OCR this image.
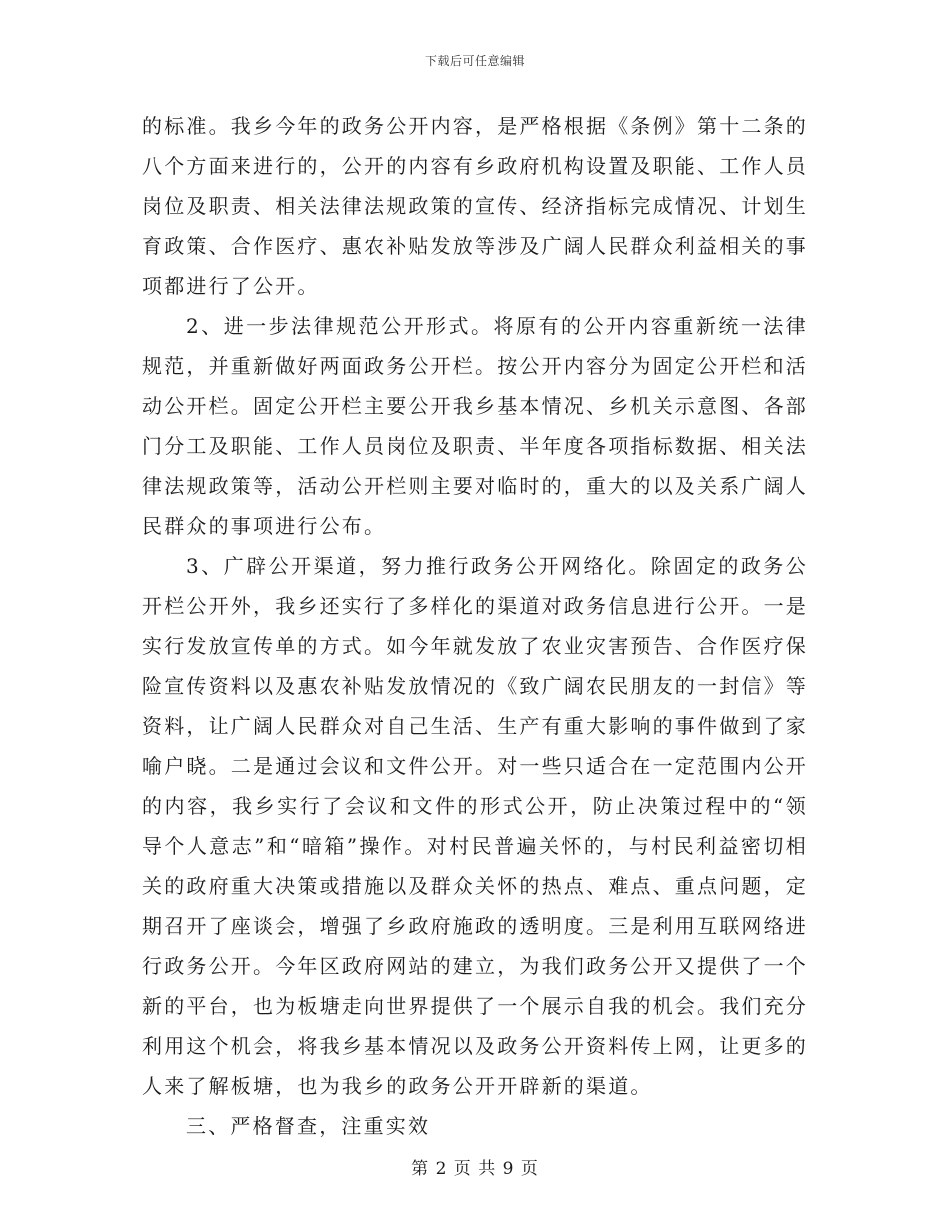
下载后可任意编辑

的标准。我乡今年的政务公开内容，是严格根据《条例》第十二条的八个方面来进行的，公开的内容有乡政府机构设置及职能、工作人员岗位及职责、相关法律法规政策的宣传、经济指标完成情况、计划生育政策、合作医疗、惠农补贴发放等涉及广阔人民群众利益相关的事项都进行了公开。

2、进一步法律规范公开形式。将原有的公开内容重新统一法律规范，并重新做好两面政务公开栏。按公开内容分为固定公开栏和活动公开栏。固定公开栏主要公开我乡基本情况、乡机关示意图、各部门分工及职能、工作人员岗位及职责、半年度各项指标数据、相关法律法规政策等，活动公开栏则主要对临时的，重大的以及关系广阔人民群众的事项进行公布。

3、广辟公开渠道，努力推行政务公开网络化。除固定的政务公开栏公开外，我乡还实行了多样化的渠道对政务信息进行公开。一是实行发放宣传单的方式。如今年就发放了农业灾害预告、合作医疗保险宣传资料以及惠农补贴发放情况的《致广阔农民朋友的一封信》等资料，让广阔人民群众对自己生活、生产有重大影响的事件做到了家喻户晓。二是通过会议和文件公开。对一些只适合在一定范围内公开的内容，我乡实行了会议和文件的形式公开，防止决策过程中的“领导个人意志”和“暗箱”操作。对村民普遍关怀的，与村民利益密切相关的政府重大决策或措施以及群众关怀的热点、难点、重点问题，定期召开了座谈会，增强了乡政府施政的透明度。三是利用互联网络进行政务公开。今年区政府网站的建立，为我们政务公开又提供了一个新的平台，也为板塘走向世界提供了一个展示自我的机会。我们充分利用这个机会，将我乡基本情况以及政务公开资料传上网，让更多的人来了解板塘，也为我乡的政务公开开辟新的渠道。

三、严格督查，注重实效

第 2 页 共 9 页
